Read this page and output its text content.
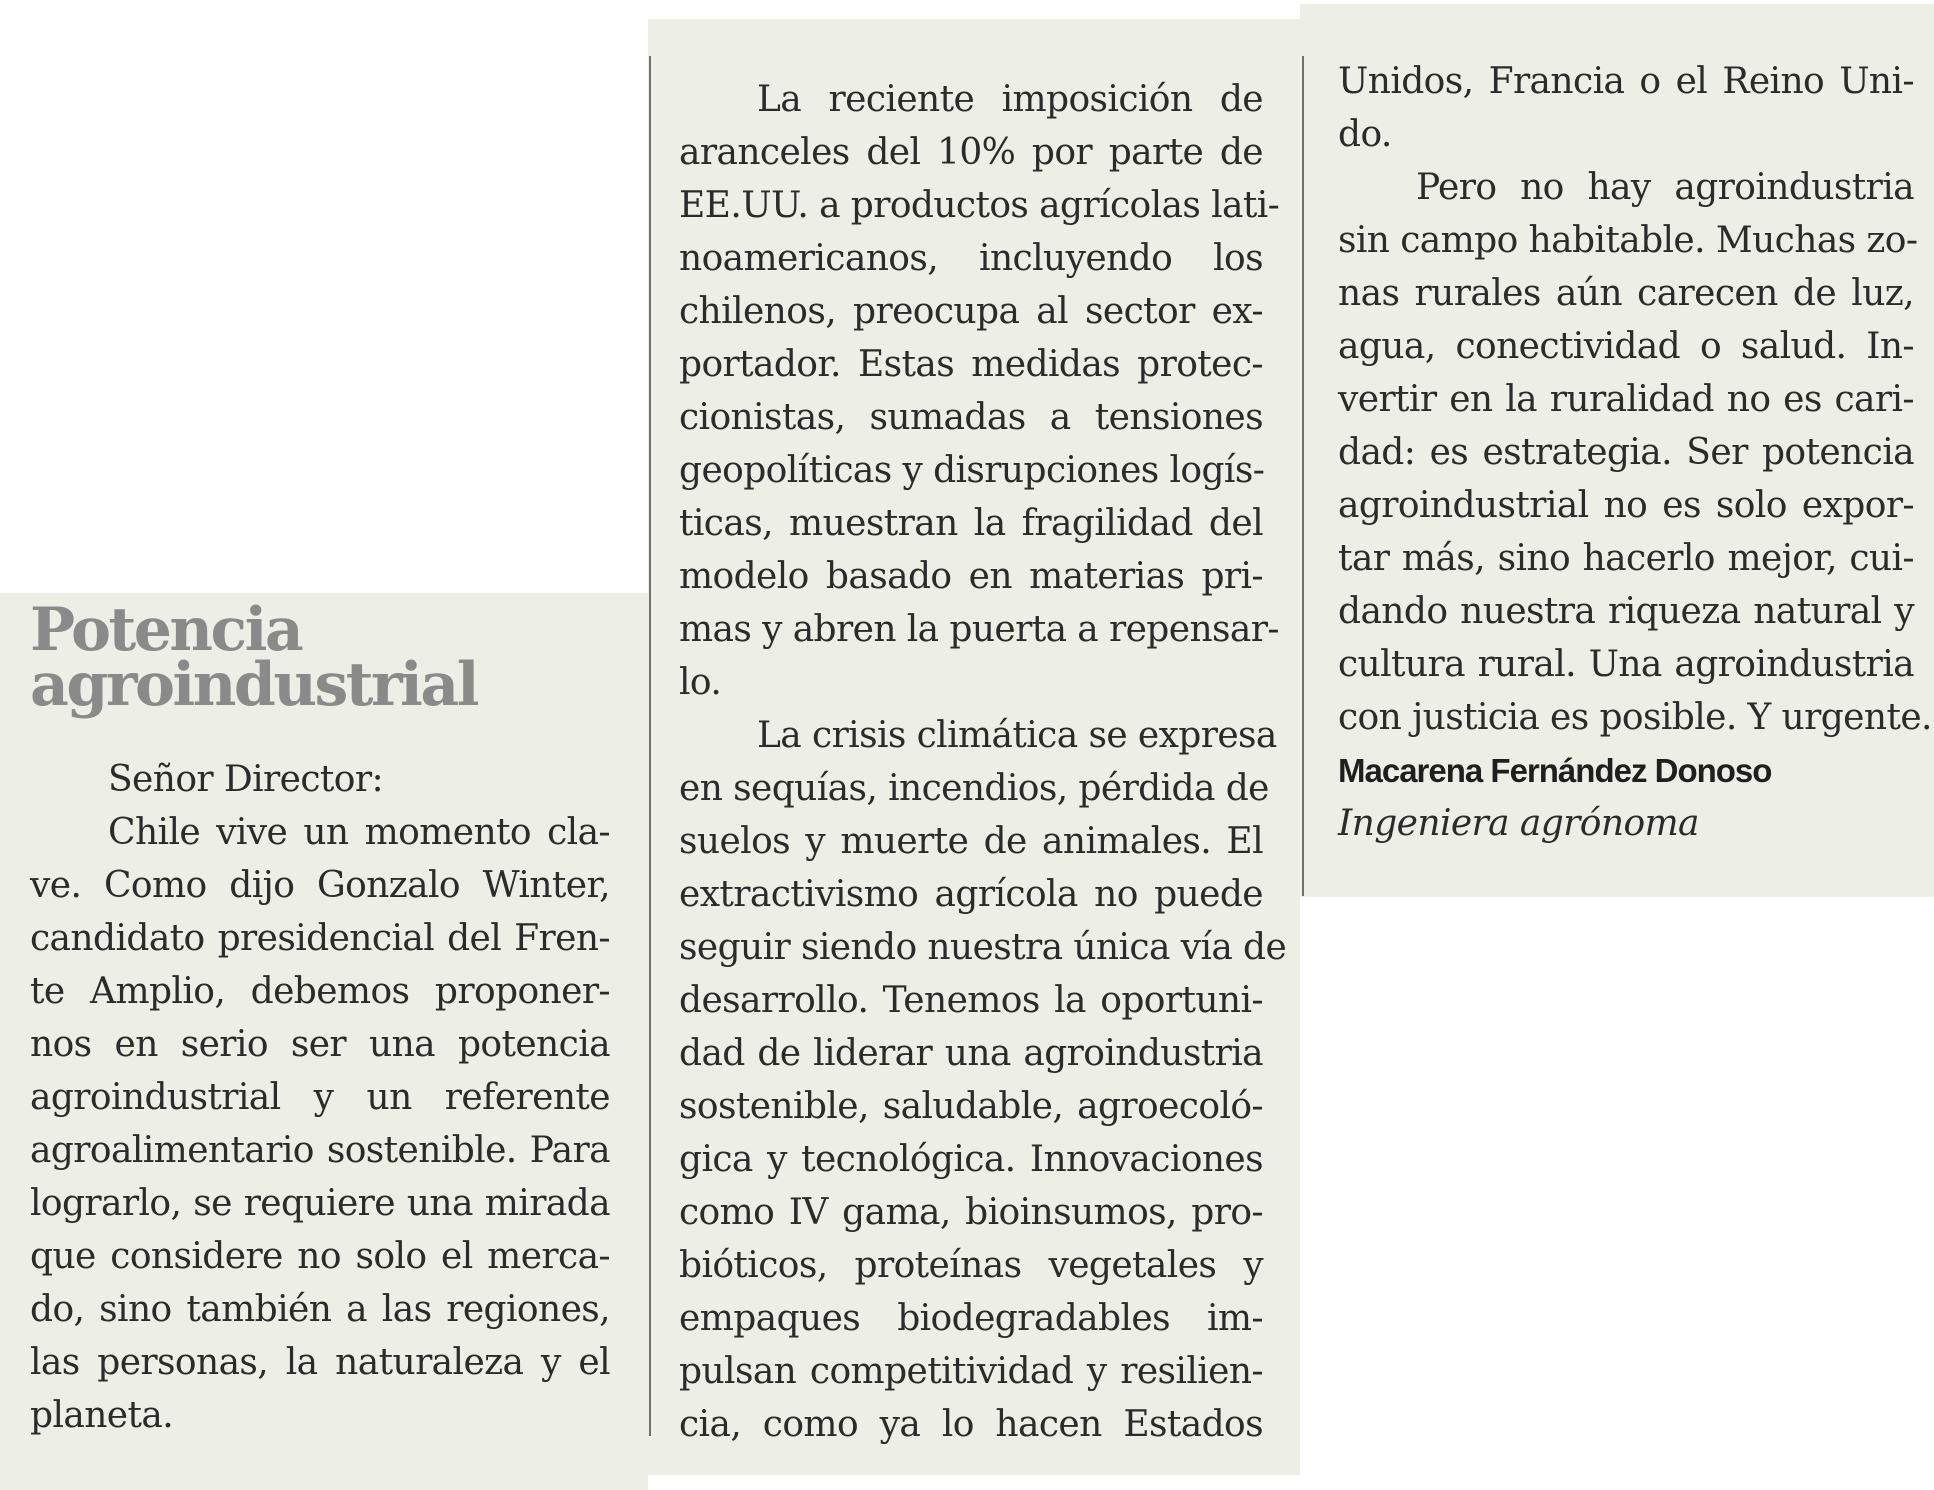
Potencia
agroindustrial
Señor Director:
Chile vive un momento cla-
ve. Como dijo Gonzalo Winter,
candidato presidencial del Fren-
te Amplio, debemos proponer-
nos en serio ser una potencia
agroindustrial y un referente
agroalimentario sostenible. Para
lograrlo, se requiere una mirada
que considere no solo el merca-
do, sino también a las regiones,
las personas, la naturaleza y el
planeta.
La reciente imposición de
aranceles del 10% por parte de
EE.UU. a productos agrícolas lati-
noamericanos, incluyendo los
chilenos, preocupa al sector ex-
portador. Estas medidas protec-
cionistas, sumadas a tensiones
geopolíticas y disrupciones logís-
ticas, muestran la fragilidad del
modelo basado en materias pri-
mas y abren la puerta a repensar-
lo.
La crisis climática se expresa
en sequías, incendios, pérdida de
suelos y muerte de animales. El
extractivismo agrícola no puede
seguir siendo nuestra única vía de
desarrollo. Tenemos la oportuni-
dad de liderar una agroindustria
sostenible, saludable, agroecoló-
gica y tecnológica. Innovaciones
como IV gama, bioinsumos, pro-
bióticos, proteínas vegetales y
empaques biodegradables im-
pulsan competitividad y resilien-
cia, como ya lo hacen Estados
Unidos, Francia o el Reino Uni-
do.
Pero no hay agroindustria
sin campo habitable. Muchas zo-
nas rurales aún carecen de luz,
agua, conectividad o salud. In-
vertir en la ruralidad no es cari-
dad: es estrategia. Ser potencia
agroindustrial no es solo expor-
tar más, sino hacerlo mejor, cui-
dando nuestra riqueza natural y
cultura rural. Una agroindustria
con justicia es posible. Y urgente.
Macarena Fernández Donoso
Ingeniera agrónoma
